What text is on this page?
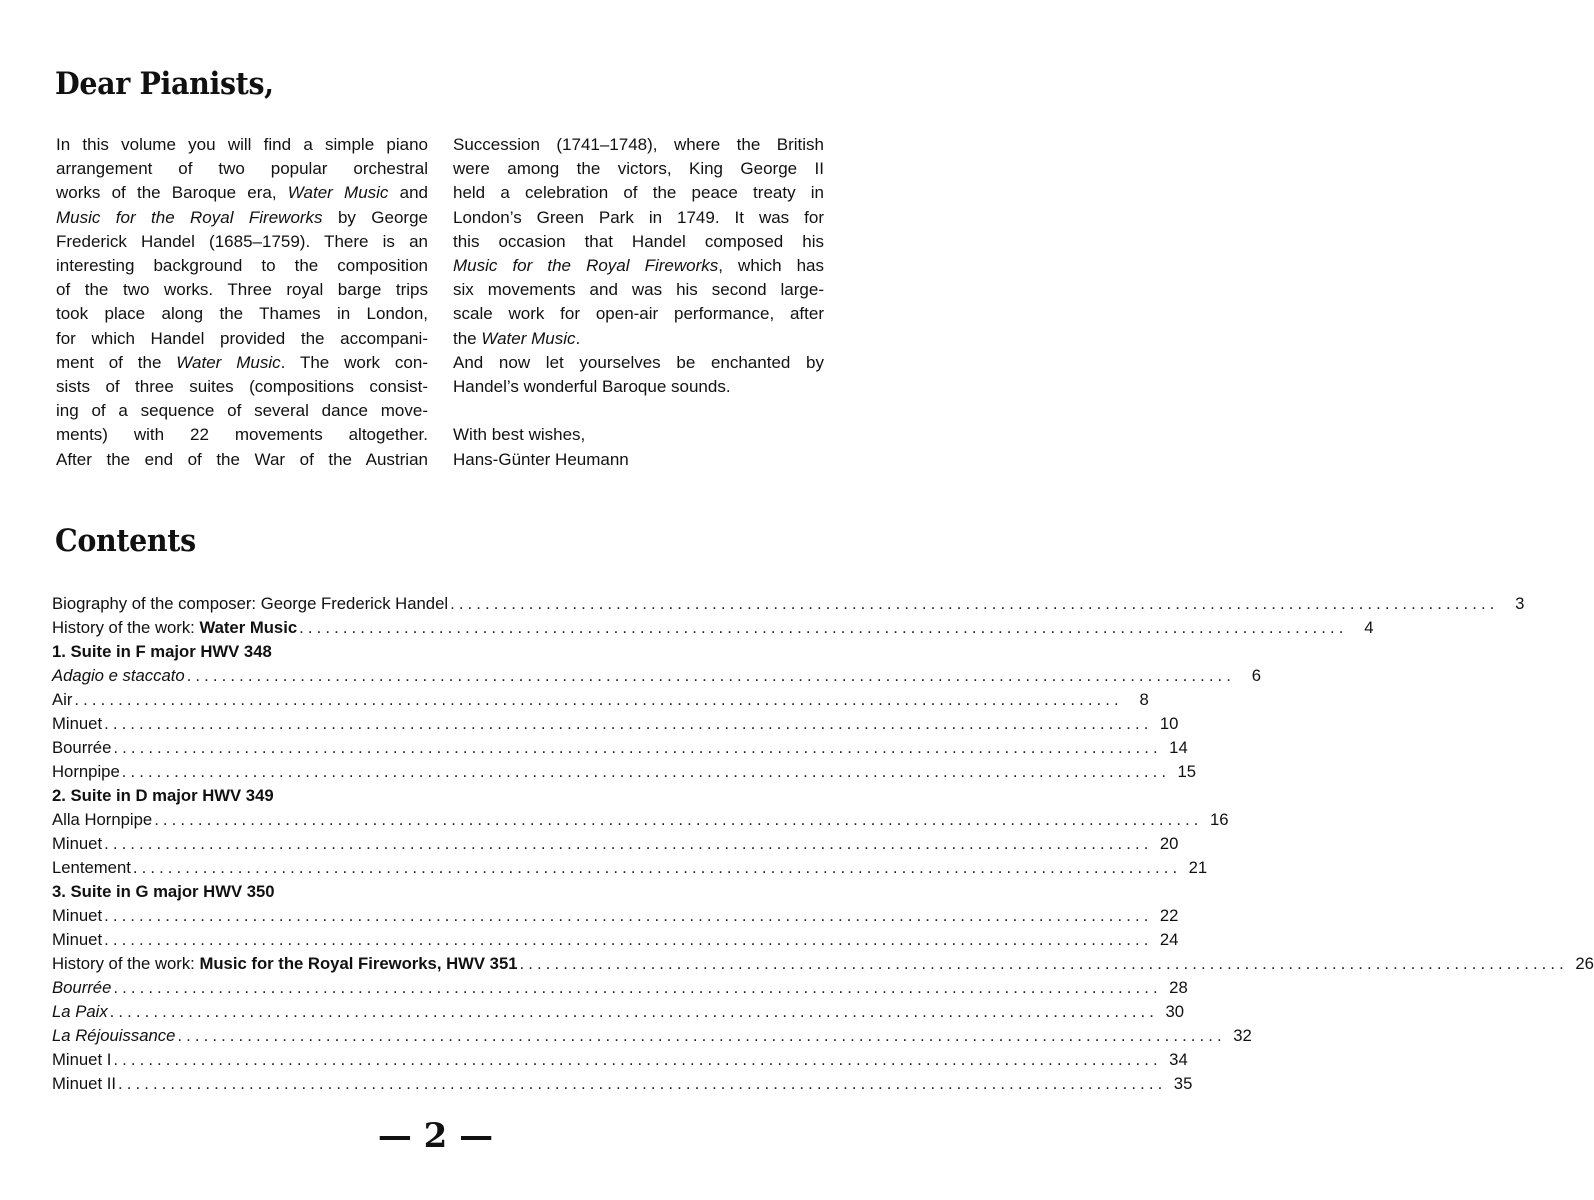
Dear Pianists,

In this volume you will find a simple piano

arrangement of two popular orchestral

works of the Baroque era, Water Music and

Music for the Royal Fireworks by George

Frederick Handel (1685–1759). There is an

interesting background to the composition

of the two works. Three royal barge trips

took place along the Thames in London,

for which Handel provided the accompani-

ment of the Water Music. The work con-

sists of three suites (compositions consist-

ing of a sequence of several dance move-

ments) with 22 movements altogether.

After the end of the War of the Austrian

Succession (1741–1748), where the British

were among the victors, King George II

held a celebration of the peace treaty in

London’s Green Park in 1749. It was for

this occasion that Handel composed his

Music for the Royal Fireworks, which has

six movements and was his second large-

scale work for open-air performance, after

the Water Music.

And now let yourselves be enchanted by

Handel’s wonderful Baroque sounds.

With best wishes,

Hans-Günter Heumann

Contents
Biography of the composer: George Frederick Handel ........................................................................................................................	3
History of the work: Water Music ........................................................................................................................	4
1. Suite in F major HWV 348
Adagio e staccato ........................................................................................................................	6
Air ........................................................................................................................	8
Minuet ........................................................................................................................ 10
Bourrée ........................................................................................................................ 14
Hornpipe ........................................................................................................................ 15
2. Suite in D major HWV 349
Alla Hornpipe ........................................................................................................................ 16
Minuet ........................................................................................................................ 20
Lentement ........................................................................................................................ 21
3. Suite in G major HWV 350
Minuet ........................................................................................................................ 22
Minuet ........................................................................................................................ 24
History of the work: Music for the Royal Fireworks, HWV 351 ........................................................................................................................ 26
Bourrée ........................................................................................................................ 28
La Paix ........................................................................................................................ 30
La Réjouissance ........................................................................................................................ 32
Minuet I ........................................................................................................................ 34
Minuet II ........................................................................................................................ 35
— 2 —
